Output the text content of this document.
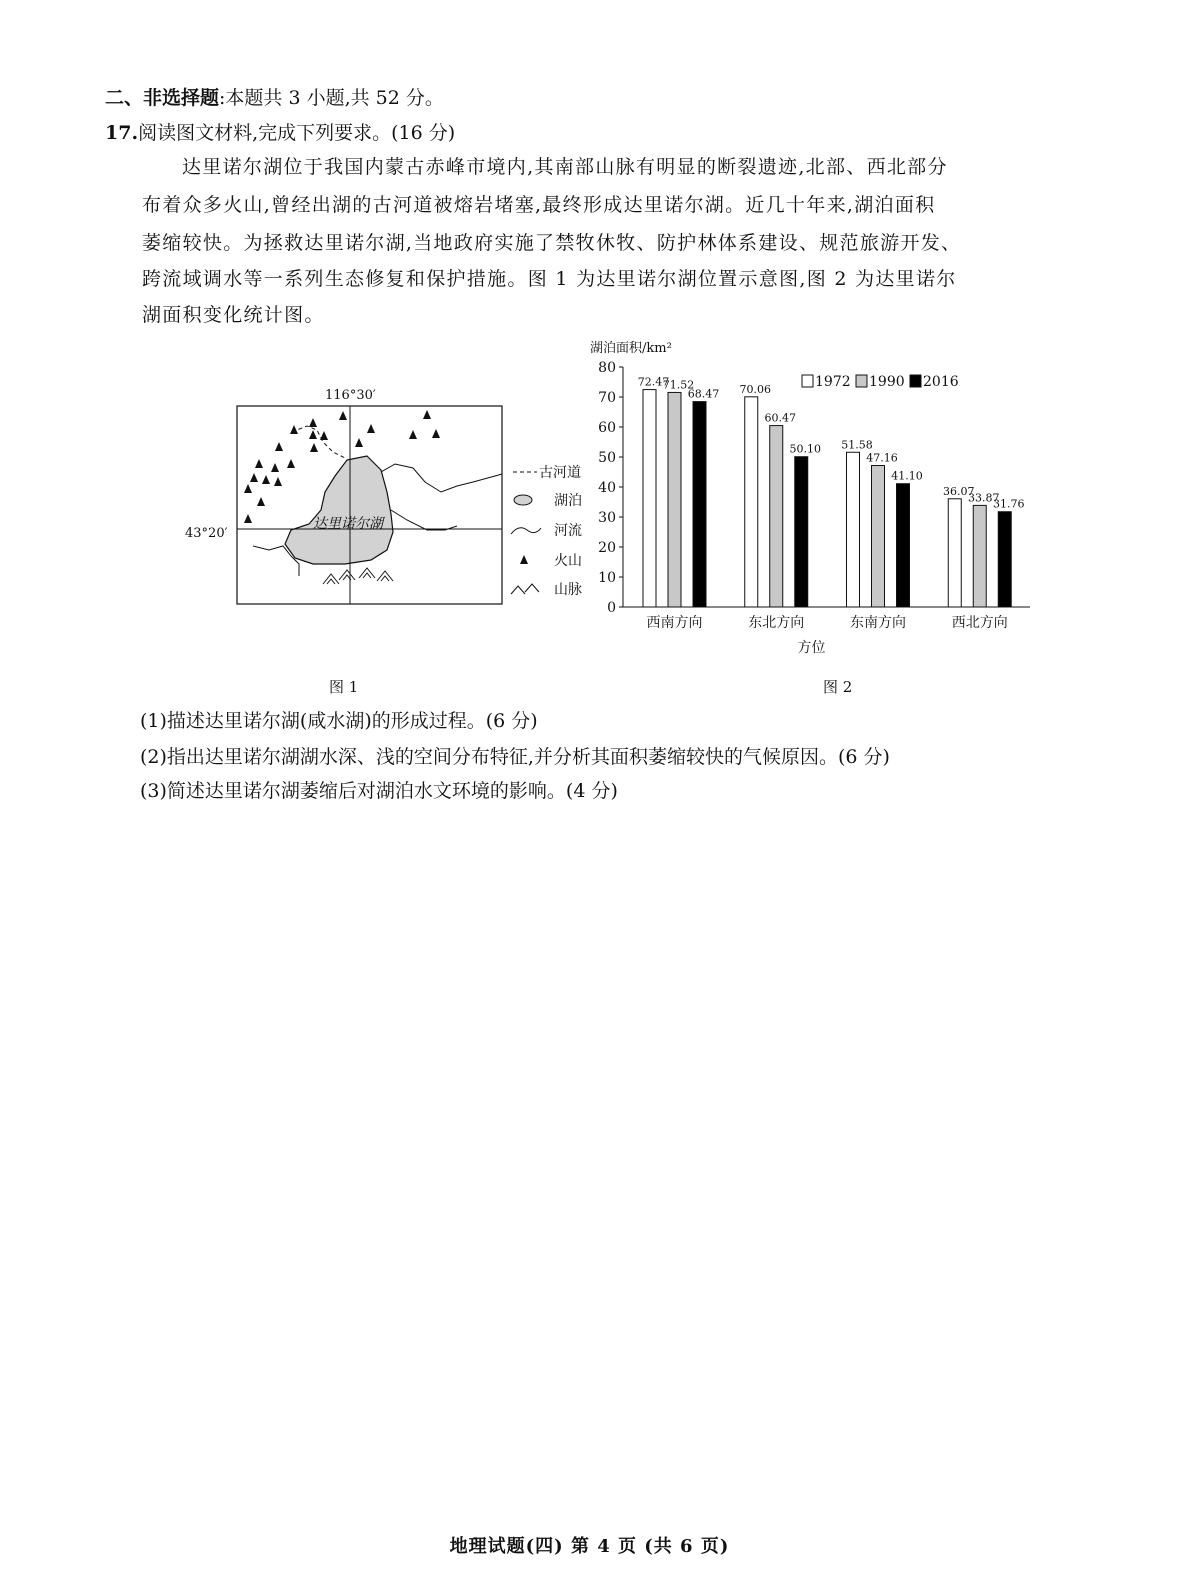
二、非选择题:本题共 3 小题,共 52 分。
17.阅读图文材料,完成下列要求。(16 分)
达里诺尔湖位于我国内蒙古赤峰市境内,其南部山脉有明显的断裂遗迹,北部、西北部分
布着众多火山,曾经出湖的古河道被熔岩堵塞,最终形成达里诺尔湖。近几十年来,湖泊面积
萎缩较快。为拯救达里诺尔湖,当地政府实施了禁牧休牧、防护林体系建设、规范旅游开发、
跨流域调水等一系列生态修复和保护措施。图 1 为达里诺尔湖位置示意图,图 2 为达里诺尔
湖面积变化统计图。
116°30′
达里诺尔湖
43°20′
古河道
湖泊
河流
火山
山脉
图 1
湖泊面积/km²
0
10
20
30
40
50
60
70
80
72.47
71.52
68.47 70.06
60.47
50.10 51.58
47.16
41.10
36.07
33.87
31.76
西南方向	东北方向	东南方向	西北方向
方位
1972 1990 2016
图 2
(1)描述达里诺尔湖(咸水湖)的形成过程。(6 分)
(2)指出达里诺尔湖湖水深、浅的空间分布特征,并分析其面积萎缩较快的气候原因。(6 分)
(3)简述达里诺尔湖萎缩后对湖泊水文环境的影响。(4 分)
地理试题(四) 第 4 页 (共 6 页)
